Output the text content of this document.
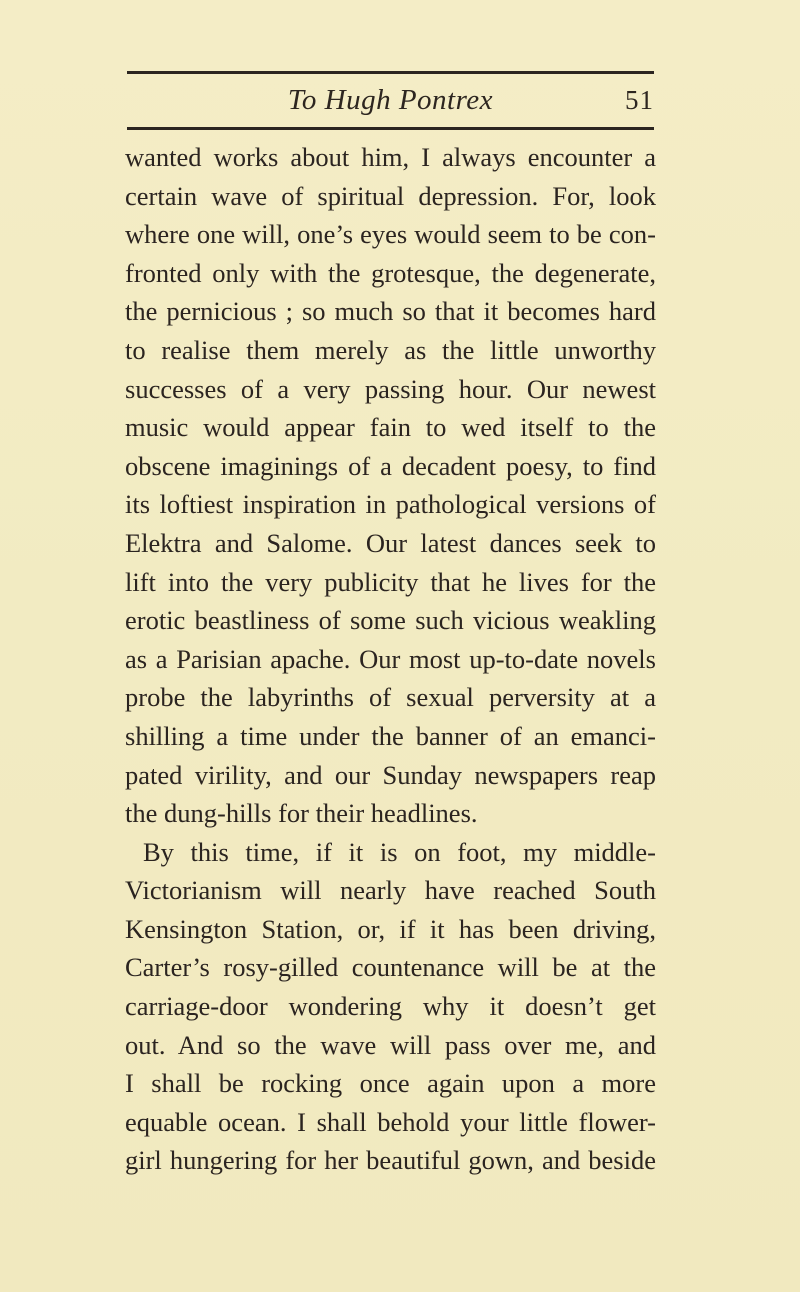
To Hugh Pontrex	51
wanted works about him, I always encounter a
certain wave of spiritual depression. For, look
where one will, one’s eyes would seem to be con-
fronted only with the grotesque, the degenerate,
the pernicious ; so much so that it becomes hard
to realise them merely as the little unworthy
successes of a very passing hour. Our newest
music would appear fain to wed itself to the
obscene imaginings of a decadent poesy, to find
its loftiest inspiration in pathological versions of
Elektra and Salome. Our latest dances seek to
lift into the very publicity that he lives for the
erotic beastliness of some such vicious weakling
as a Parisian apache. Our most up-to-date novels
probe the labyrinths of sexual perversity at a
shilling a time under the banner of an emanci-
pated virility, and our Sunday newspapers reap
the dung-hills for their headlines.
By this time, if it is on foot, my middle-
Victorianism will nearly have reached South
Kensington Station, or, if it has been driving,
Carter’s rosy-gilled countenance will be at the
carriage-door wondering why it doesn’t get
out. And so the wave will pass over me, and
I shall be rocking once again upon a more
equable ocean. I shall behold your little flower-
girl hungering for her beautiful gown, and beside
